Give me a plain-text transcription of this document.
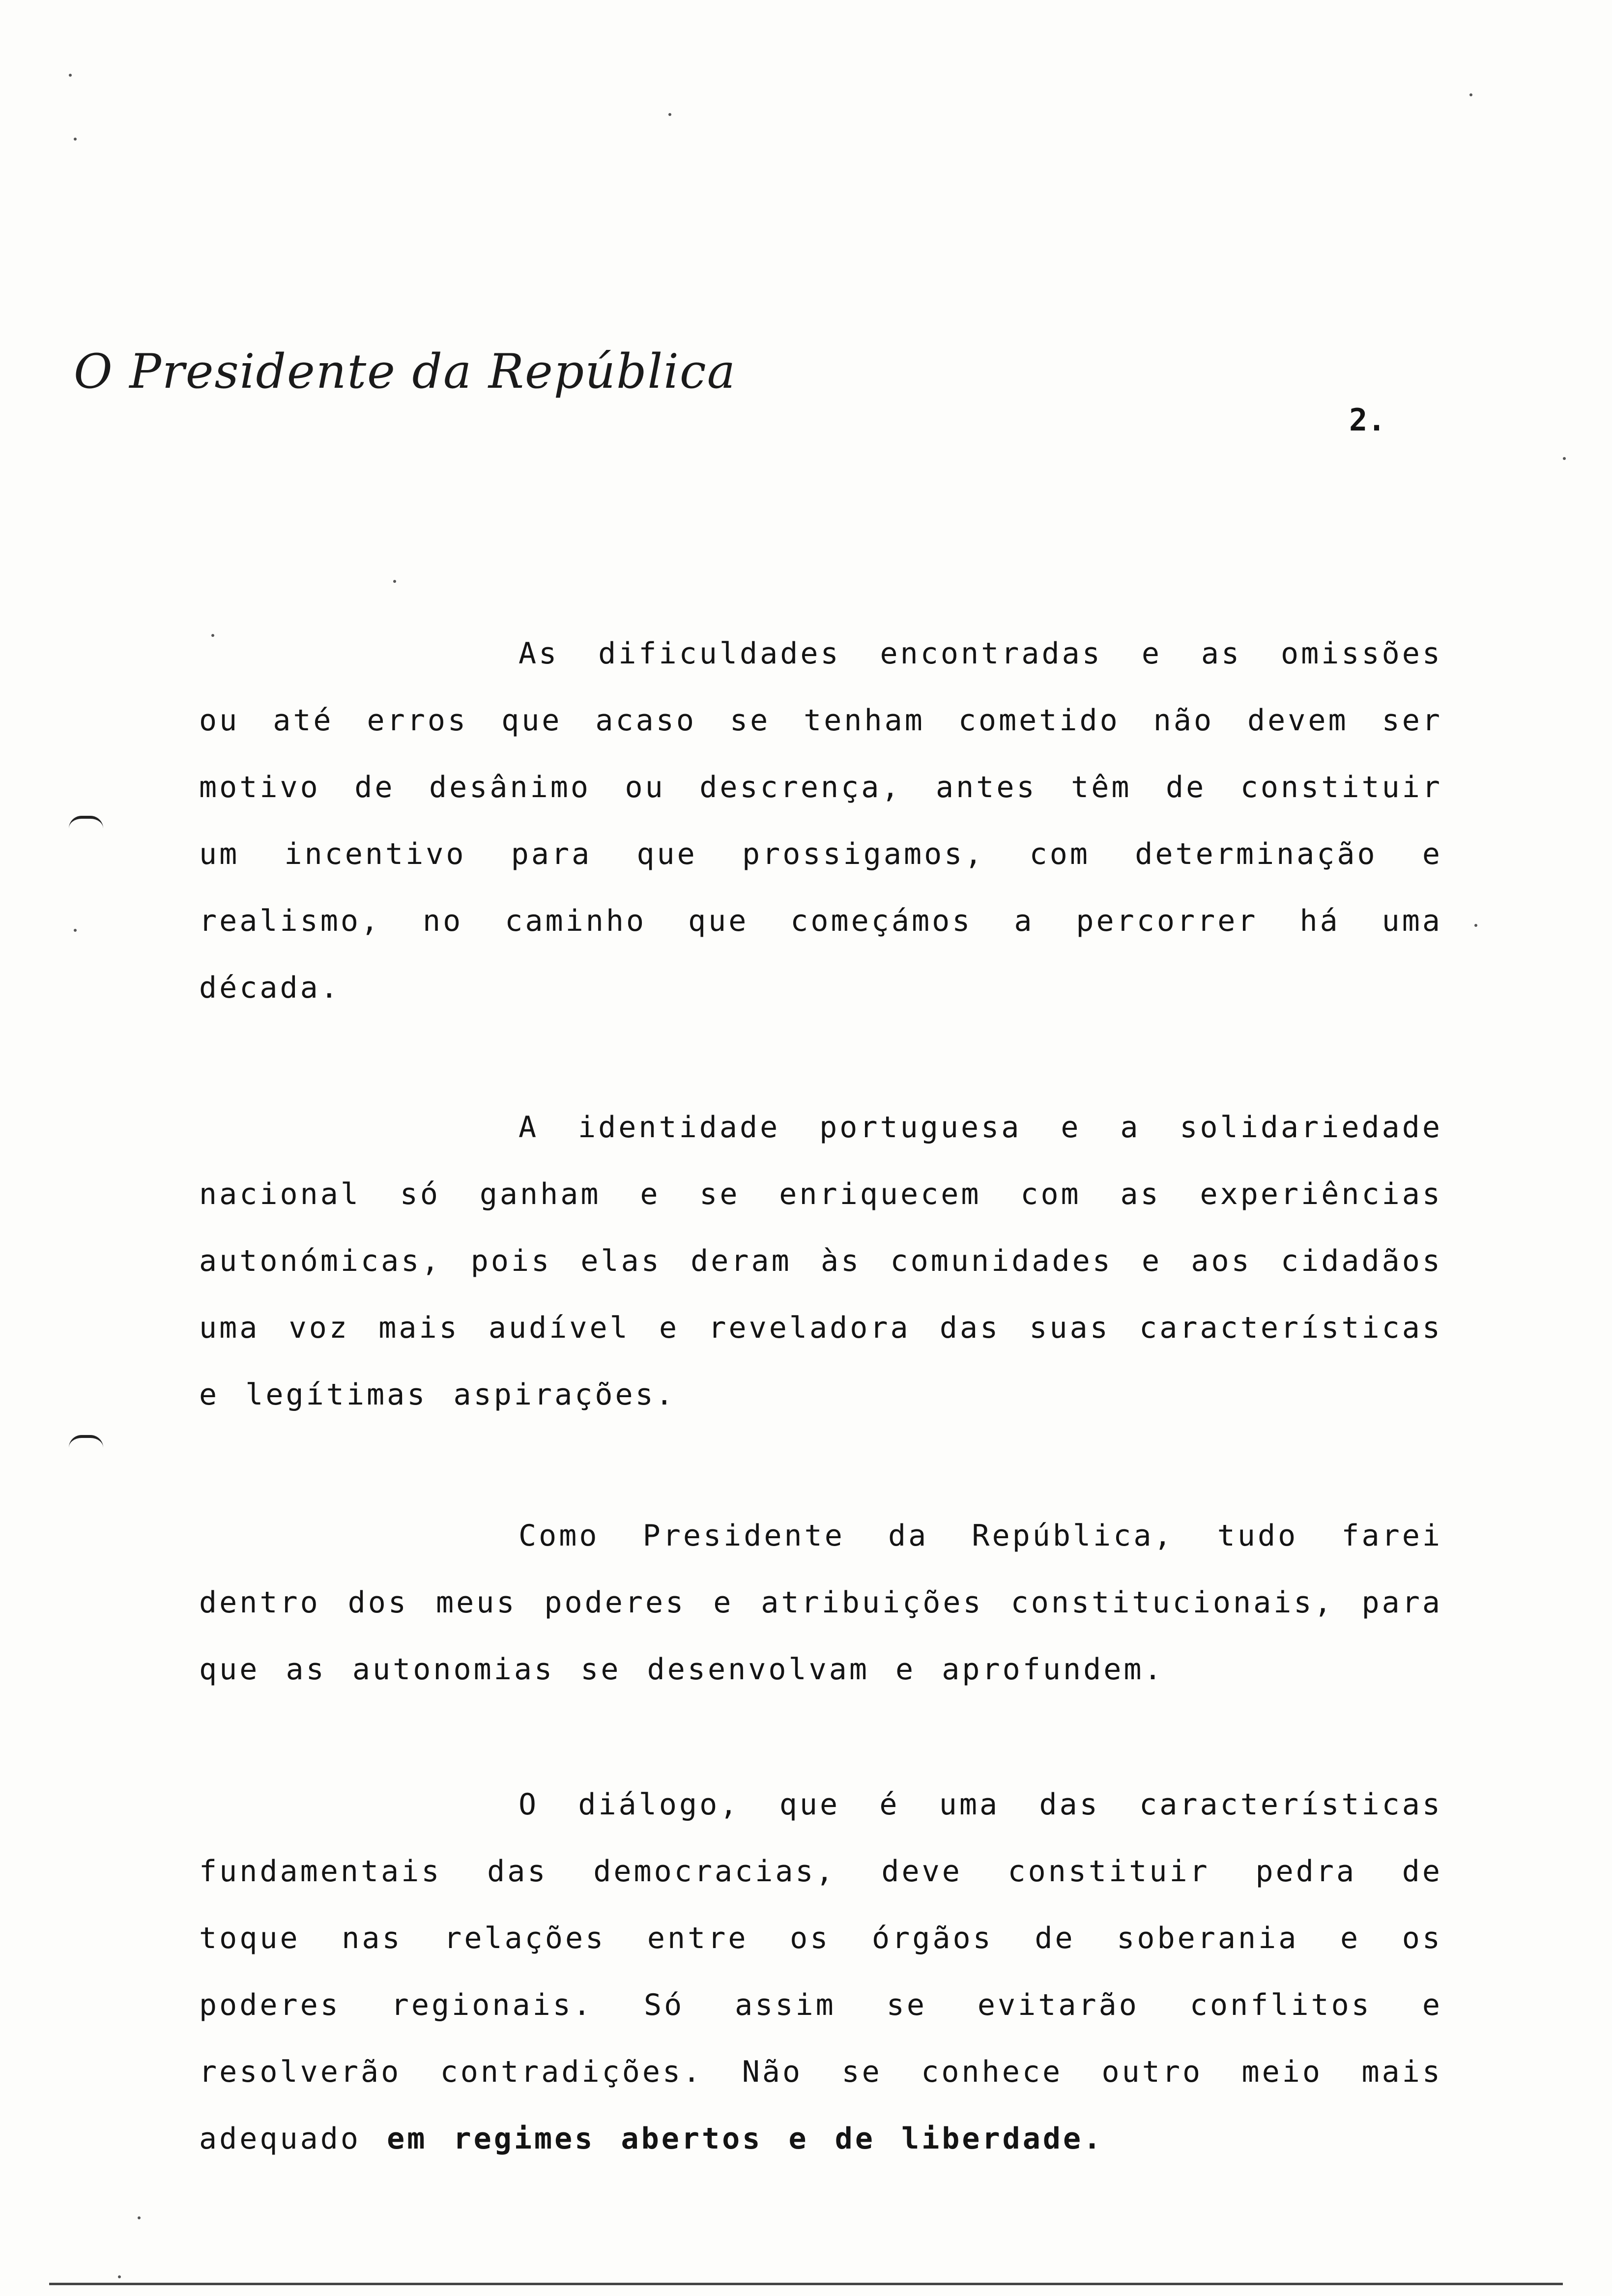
O Presidente da República
2.

As dificuldades encontradas e as omissões ou até erros que acaso se tenham cometido não devem ser motivo de desânimo ou descrença, antes têm de constituir um incentivo para que prossigamos, com determinação e realismo, no caminho que começámos a percorrer há uma década.

A identidade portuguesa e a solidariedade nacional só ganham e se enriquecem com as experiências autonómicas, pois elas deram às comunidades e aos cidadãos uma voz mais audível e reveladora das suas características e legítimas aspirações.

Como Presidente da República, tudo farei dentro dos meus poderes e atribuições constitucionais, para que as autonomias se desenvolvam e aprofundem.

O diálogo, que é uma das características fundamentais das democracias, deve constituir pedra de toque nas relações entre os órgãos de soberania e os poderes regionais. Só assim se evitarão conflitos e resolverão contradições. Não se conhece outro meio mais adequado em regimes abertos e de liberdade.
